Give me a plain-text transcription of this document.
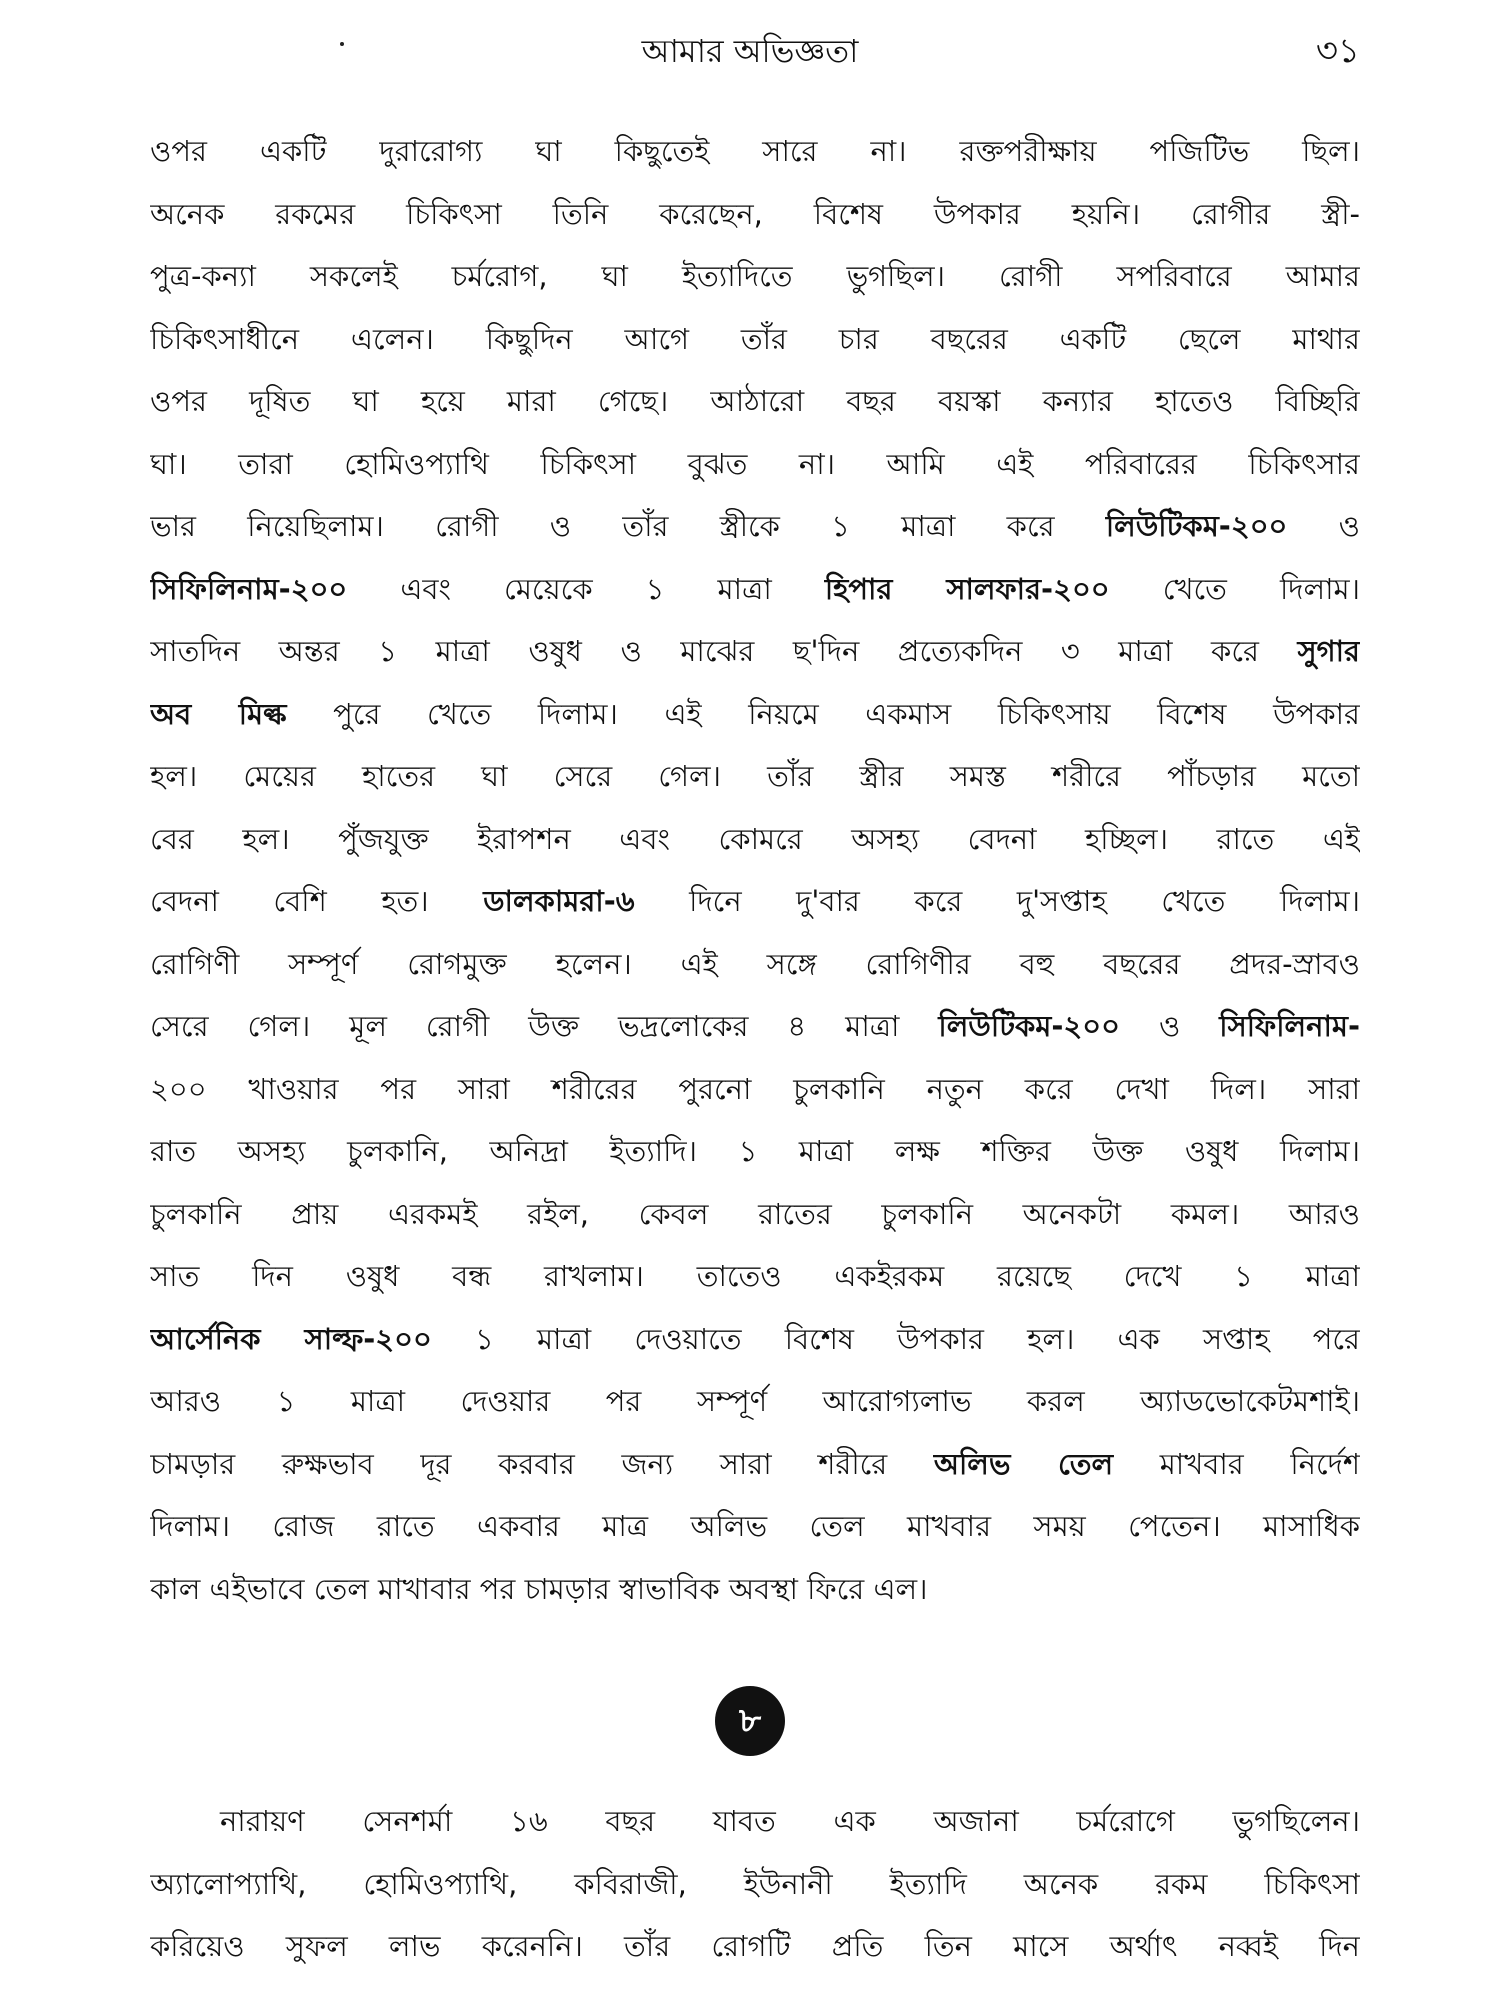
আমার অভিজ্ঞতা	৩১
ওপর একটি দুরারোগ্য ঘা কিছুতেই সারে না। রক্তপরীক্ষায় পজিটিভ ছিল।
অনেক রকমের চিকিৎসা তিনি করেছেন, বিশেষ উপকার হয়নি। রোগীর স্ত্রী-
পুত্র-কন্যা সকলেই চর্মরোগ, ঘা ইত্যাদিতে ভুগছিল। রোগী সপরিবারে আমার
চিকিৎসাধীনে এলেন। কিছুদিন আগে তাঁর চার বছরের একটি ছেলে মাথার
ওপর দূষিত ঘা হয়ে মারা গেছে। আঠারো বছর বয়স্কা কন্যার হাতেও বিচ্ছিরি
ঘা। তারা হোমিওপ্যাথি চিকিৎসা বুঝত না। আমি এই পরিবারের চিকিৎসার
ভার নিয়েছিলাম। রোগী ও তাঁর স্ত্রীকে ১ মাত্রা করে লিউটিকম-২০০ ও
সিফিলিনাম-২০০ এবং মেয়েকে ১ মাত্রা হিপার সালফার-২০০ খেতে দিলাম।
সাতদিন অন্তর ১ মাত্রা ওষুধ ও মাঝের ছ'দিন প্রত্যেকদিন ৩ মাত্রা করে সুগার
অব মিল্ক পুরে খেতে দিলাম। এই নিয়মে একমাস চিকিৎসায় বিশেষ উপকার
হল। মেয়ের হাতের ঘা সেরে গেল। তাঁর স্ত্রীর সমস্ত শরীরে পাঁচড়ার মতো
বের হল। পুঁজযুক্ত ইরাপশন এবং কোমরে অসহ্য বেদনা হচ্ছিল। রাতে এই
বেদনা বেশি হত। ডালকামরা-৬ দিনে দু'বার করে দু'সপ্তাহ খেতে দিলাম।
রোগিণী সম্পূর্ণ রোগমুক্ত হলেন। এই সঙ্গে রোগিণীর বহু বছরের প্রদর-স্রাবও
সেরে গেল। মূল রোগী উক্ত ভদ্রলোকের ৪ মাত্রা লিউটিকম-২০০ ও সিফিলিনাম-
২০০ খাওয়ার পর সারা শরীরের পুরনো চুলকানি নতুন করে দেখা দিল। সারা
রাত অসহ্য চুলকানি, অনিদ্রা ইত্যাদি। ১ মাত্রা লক্ষ শক্তির উক্ত ওষুধ দিলাম।
চুলকানি প্রায় এরকমই রইল, কেবল রাতের চুলকানি অনেকটা কমল। আরও
সাত দিন ওষুধ বন্ধ রাখলাম। তাতেও একইরকম রয়েছে দেখে ১ মাত্রা
আর্সেনিক সাল্ফ-২০০ ১ মাত্রা দেওয়াতে বিশেষ উপকার হল। এক সপ্তাহ পরে
আরও ১ মাত্রা দেওয়ার পর সম্পূর্ণ আরোগ্যলাভ করল অ্যাডভোকেটমশাই।
চামড়ার রুক্ষভাব দূর করবার জন্য সারা শরীরে অলিভ তেল মাখবার নির্দেশ
দিলাম। রোজ রাতে একবার মাত্র অলিভ তেল মাখবার সময় পেতেন। মাসাধিক
কাল এইভাবে তেল মাখাবার পর চামড়ার স্বাভাবিক অবস্থা ফিরে এল।
৮
নারায়ণ সেনশর্মা ১৬ বছর যাবত এক অজানা চর্মরোগে ভুগছিলেন।
অ্যালোপ্যাথি, হোমিওপ্যাথি, কবিরাজী, ইউনানী ইত্যাদি অনেক রকম চিকিৎসা
করিয়েও সুফল লাভ করেননি। তাঁর রোগটি প্রতি তিন মাসে অর্থাৎ নব্বই দিন
